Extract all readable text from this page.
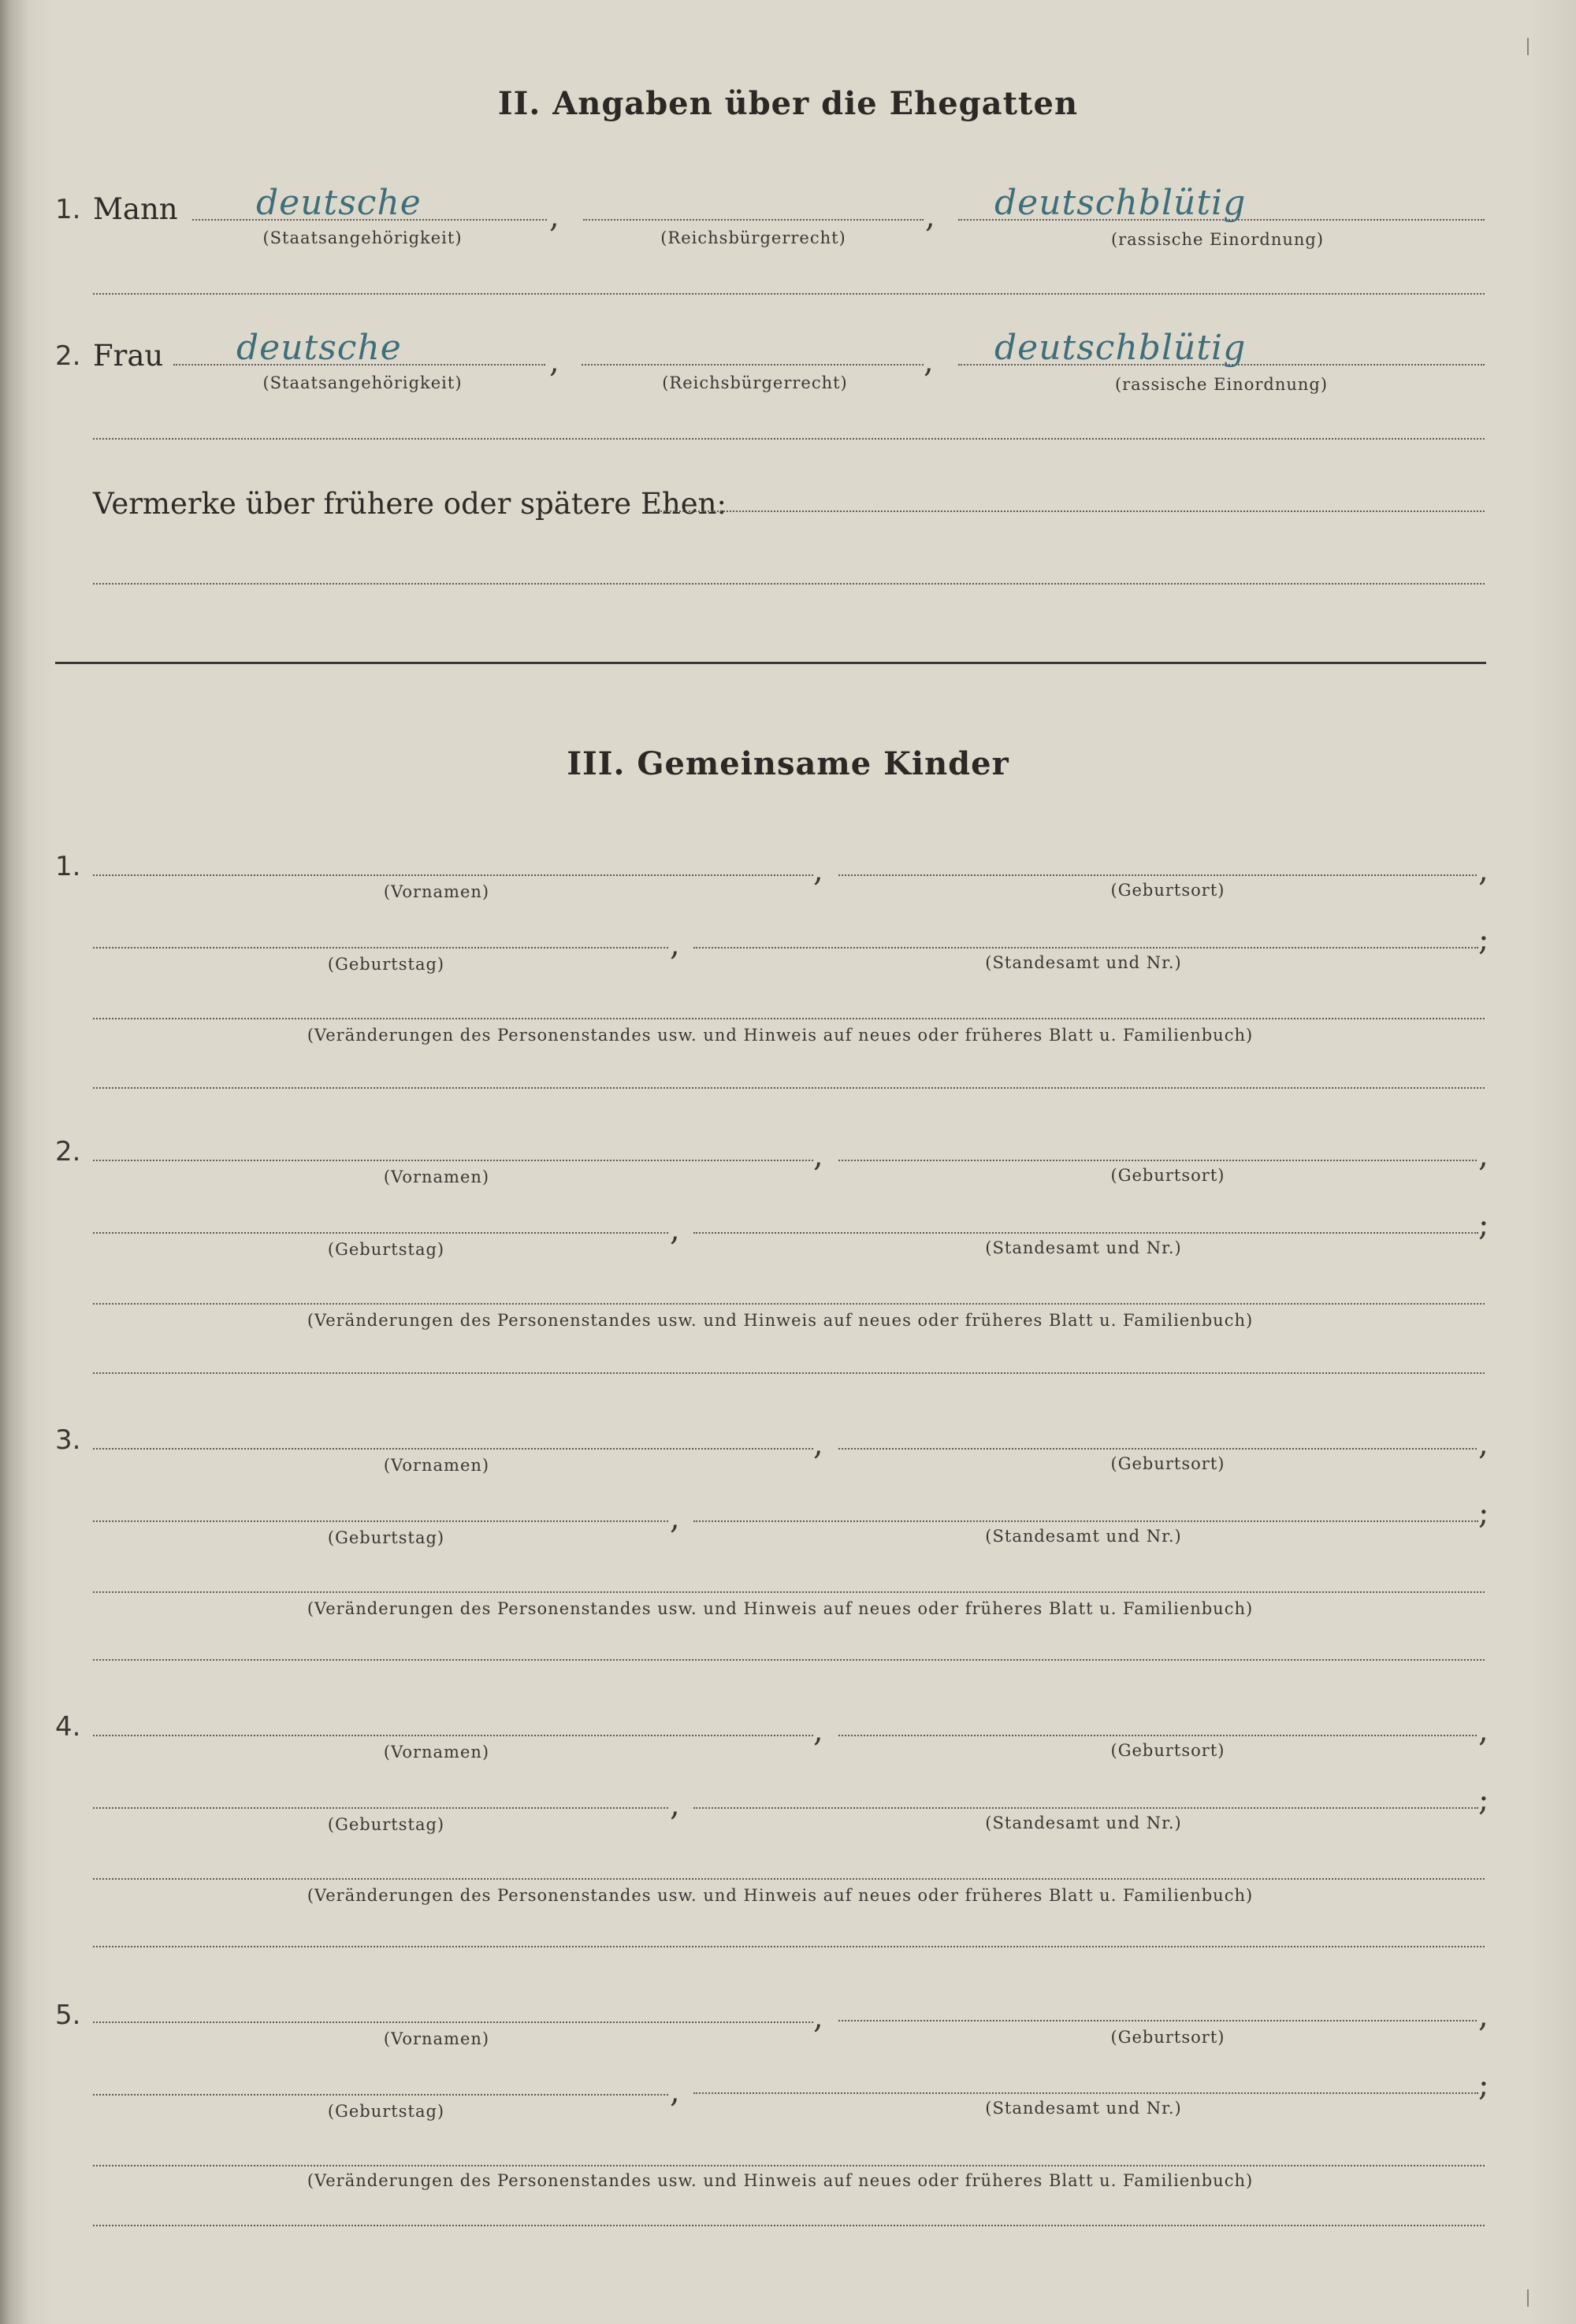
II. Angaben über die Ehegatten
1. Mann deutsche	,	, deutschblütig
(Staatsangehörigkeit)	(Reichsbürgerrecht)	(rassische Einordnung)
2. Frau deutsche	,	, deutschblütig
(Staatsangehörigkeit)	(Reichsbürgerrecht)	(rassische Einordnung)
Vermerke über frühere oder spätere Ehen:
III. Gemeinsame Kinder
1.	,	,
(Vornamen)	(Geburtsort)
,	;
(Geburtstag)	(Standesamt und Nr.)
(Veränderungen des Personenstandes usw. und Hinweis auf neues oder früheres Blatt u. Familienbuch)
2.	,	,
(Vornamen)	(Geburtsort)
,	;
(Geburtstag)	(Standesamt und Nr.)
(Veränderungen des Personenstandes usw. und Hinweis auf neues oder früheres Blatt u. Familienbuch)
3.	,	,
(Vornamen)	(Geburtsort)
,	;
(Geburtstag)	(Standesamt und Nr.)
(Veränderungen des Personenstandes usw. und Hinweis auf neues oder früheres Blatt u. Familienbuch)
4.	,	,
(Vornamen)	(Geburtsort)
,	;
(Geburtstag)	(Standesamt und Nr.)
(Veränderungen des Personenstandes usw. und Hinweis auf neues oder früheres Blatt u. Familienbuch)
5.	,	,
(Vornamen)	(Geburtsort)
,	;
(Geburtstag)	(Standesamt und Nr.)
(Veränderungen des Personenstandes usw. und Hinweis auf neues oder früheres Blatt u. Familienbuch)
